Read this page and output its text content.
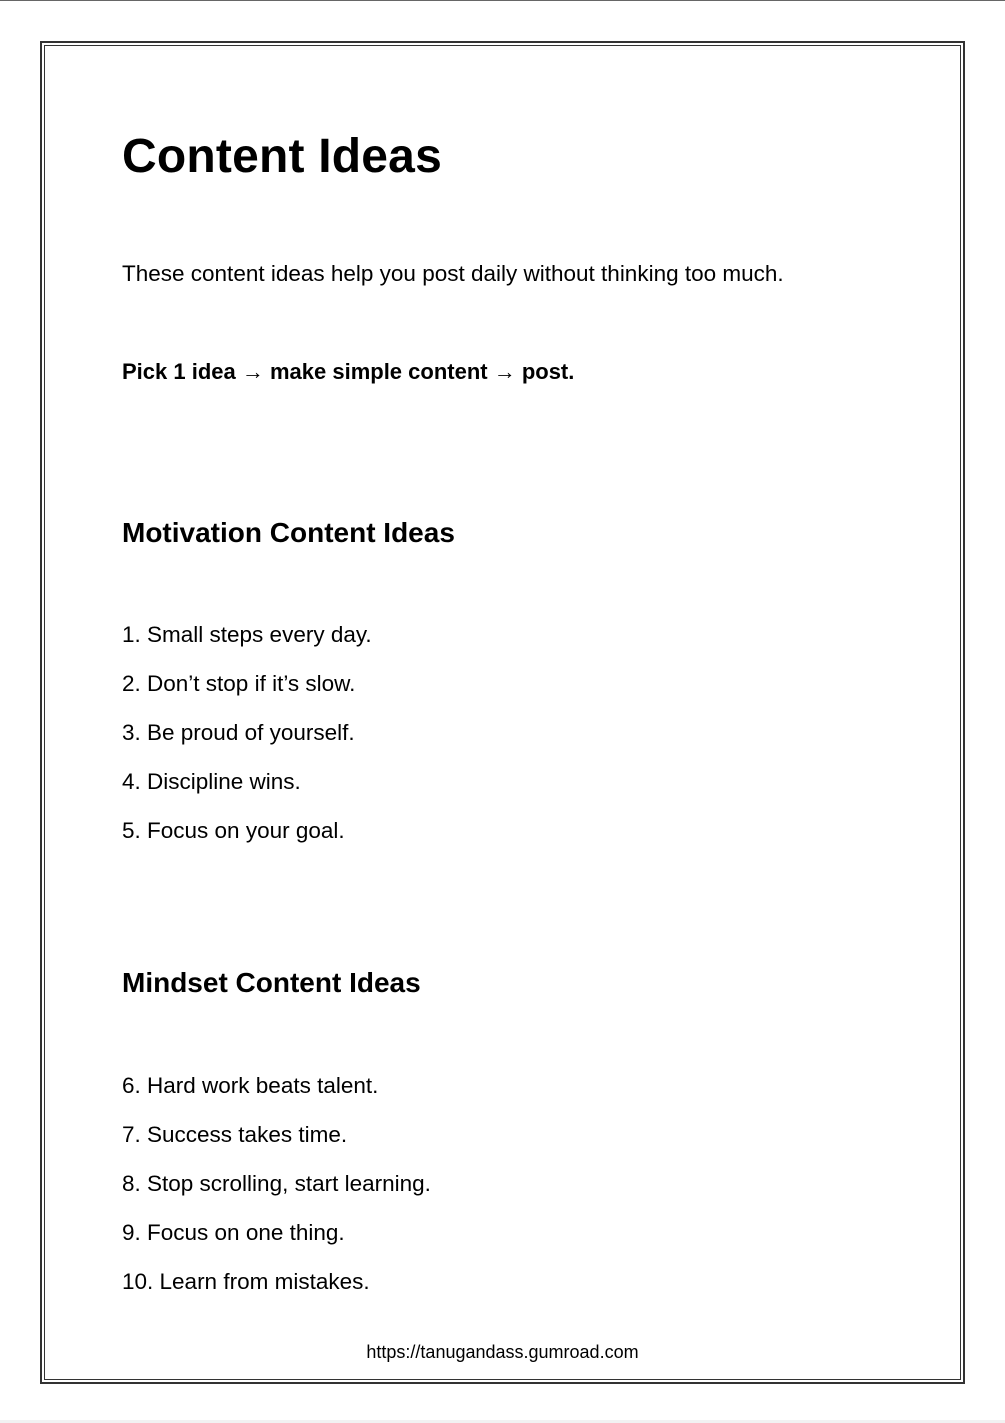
Content Ideas

These content ideas help you post daily without thinking too much.

Pick 1 idea → make simple content → post.

Motivation Content Ideas
1. Small steps every day.
2. Don’t stop if it’s slow.
3. Be proud of yourself.
4. Discipline wins.
5. Focus on your goal.
Mindset Content Ideas
6. Hard work beats talent.
7. Success takes time.
8. Stop scrolling, start learning.
9. Focus on one thing.
10. Learn from mistakes.
https://tanugandass.gumroad.com
